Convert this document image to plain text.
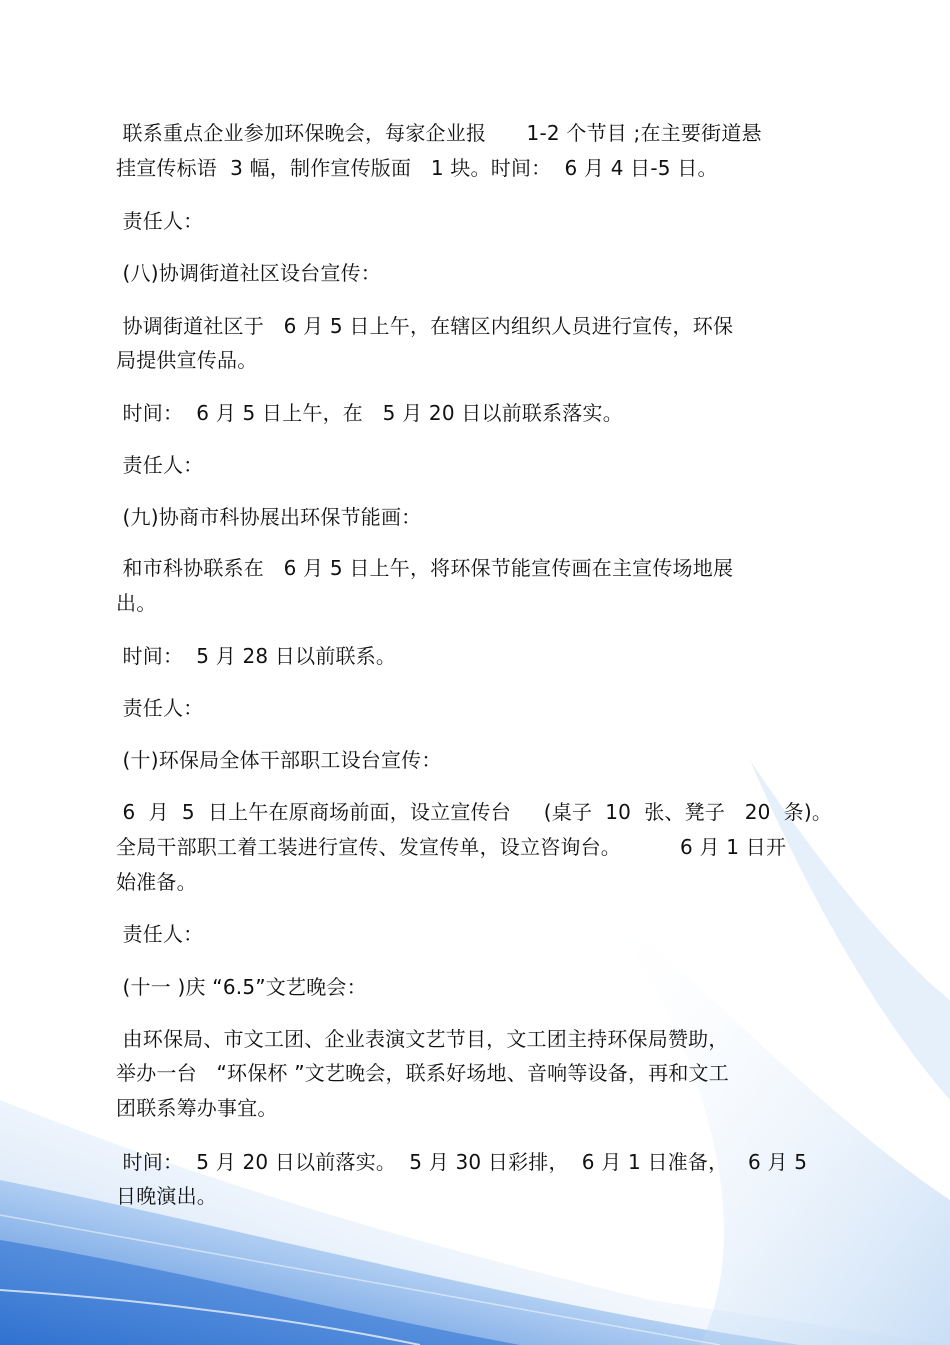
联系重点企业参加环保晚会，每家企业报　　1-2 个节目 ;在主要街道悬
挂宣传标语  3 幅，制作宣传版面   1 块。时间：  6 月 4 日-5 日。
责任人：
(八)协调街道社区设台宣传：
协调街道社区于   6 月 5 日上午，在辖区内组织人员进行宣传，环保
局提供宣传品。
时间：  6 月 5 日上午，在   5 月 20 日以前联系落实。
责任人：
(九)协商市科协展出环保节能画：
和市科协联系在   6 月 5 日上午，将环保节能宣传画在主宣传场地展
出。
时间：  5 月 28 日以前联系。
责任人：
(十)环保局全体干部职工设台宣传：
6  月  5  日上午在原商场前面，设立宣传台     (桌子  10  张、凳子   20  条)。
全局干部职工着工装进行宣传、发宣传单，设立咨询台。         6 月 1 日开
始准备。
责任人：
(十一 )庆 “6.5”文艺晚会：
由环保局、市文工团、企业表演文艺节目，文工团主持环保局赞助，
举办一台   “环保杯 ”文艺晚会，联系好场地、音响等设备，再和文工
团联系筹办事宜。
时间：  5 月 20 日以前落实。  5 月 30 日彩排，  6 月 1 日准备，   6 月 5
日晚演出。
